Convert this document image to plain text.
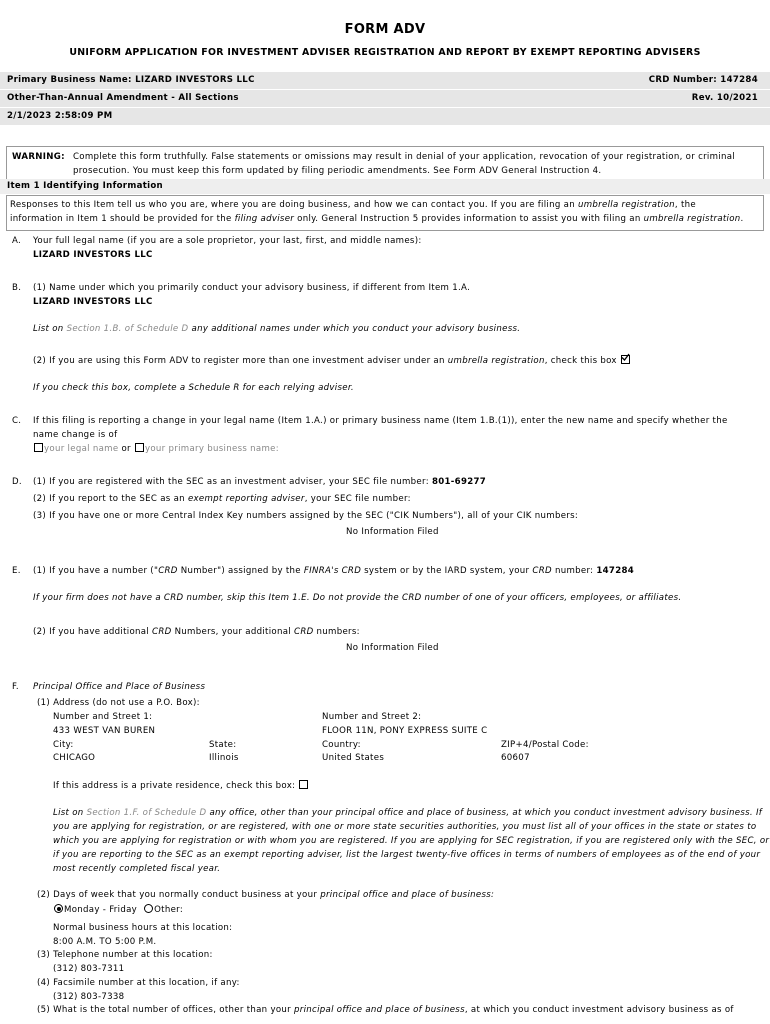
FORM ADV
UNIFORM APPLICATION FOR INVESTMENT ADVISER REGISTRATION AND REPORT BY EXEMPT REPORTING ADVISERS
Primary Business Name: LIZARD INVESTORS LLC	CRD Number: 147284
Other-Than-Annual Amendment - All Sections	Rev. 10/2021
2/1/2023 2:58:09 PM
WARNING: Complete this form truthfully. False statements or omissions may result in denial of your application, revocation of your registration, or criminal
prosecution. You must keep this form updated by filing periodic amendments. See Form ADV General Instruction 4.
Item 1 Identifying Information
Responses to this Item tell us who you are, where you are doing business, and how we can contact you. If you are filing an umbrella registration, the
information in Item 1 should be provided for the filing adviser only. General Instruction 5 provides information to assist you with filing an umbrella registration.
A. Your full legal name (if you are a sole proprietor, your last, first, and middle names):
LIZARD INVESTORS LLC
B. (1) Name under which you primarily conduct your advisory business, if different from Item 1.A.
LIZARD INVESTORS LLC
List on Section 1.B. of Schedule D any additional names under which you conduct your advisory business.
(2) If you are using this Form ADV to register more than one investment adviser under an umbrella registration, check this box
If you check this box, complete a Schedule R for each relying adviser.
C. If this filing is reporting a change in your legal name (Item 1.A.) or primary business name (Item 1.B.(1)), enter the new name and specify whether the
name change is of
your legal name or your primary business name:
D. (1) If you are registered with the SEC as an investment adviser, your SEC file number: 801-69277
(2) If you report to the SEC as an exempt reporting adviser, your SEC file number:
(3) If you have one or more Central Index Key numbers assigned by the SEC ("CIK Numbers"), all of your CIK numbers:
No Information Filed
E. (1) If you have a number ("CRD Number") assigned by the FINRA's CRD system or by the IARD system, your CRD number: 147284
If your firm does not have a CRD number, skip this Item 1.E. Do not provide the CRD number of one of your officers, employees, or affiliates.
(2) If you have additional CRD Numbers, your additional CRD numbers:
No Information Filed
F. Principal Office and Place of Business
(1) Address (do not use a P.O. Box):
Number and Street 1:
433 WEST VAN BUREN
Number and Street 2:
FLOOR 11N, PONY EXPRESS SUITE C
City:
CHICAGO
State:
Illinois
Country:
United States
ZIP+4/Postal Code:
60607
If this address is a private residence, check this box:
List on Section 1.F. of Schedule D any office, other than your principal office and place of business, at which you conduct investment advisory business. If
you are applying for registration, or are registered, with one or more state securities authorities, you must list all of your offices in the state or states to
which you are applying for registration or with whom you are registered. If you are applying for SEC registration, if you are registered only with the SEC, or
if you are reporting to the SEC as an exempt reporting adviser, list the largest twenty-five offices in terms of numbers of employees as of the end of your
most recently completed fiscal year.
(2) Days of week that you normally conduct business at your principal office and place of business:
Monday - Friday Other:
Normal business hours at this location:
8:00 A.M. TO 5:00 P.M.
(3) Telephone number at this location:
(312) 803-7311
(4) Facsimile number at this location, if any:
(312) 803-7338
(5) What is the total number of offices, other than your principal office and place of business, at which you conduct investment advisory business as of
